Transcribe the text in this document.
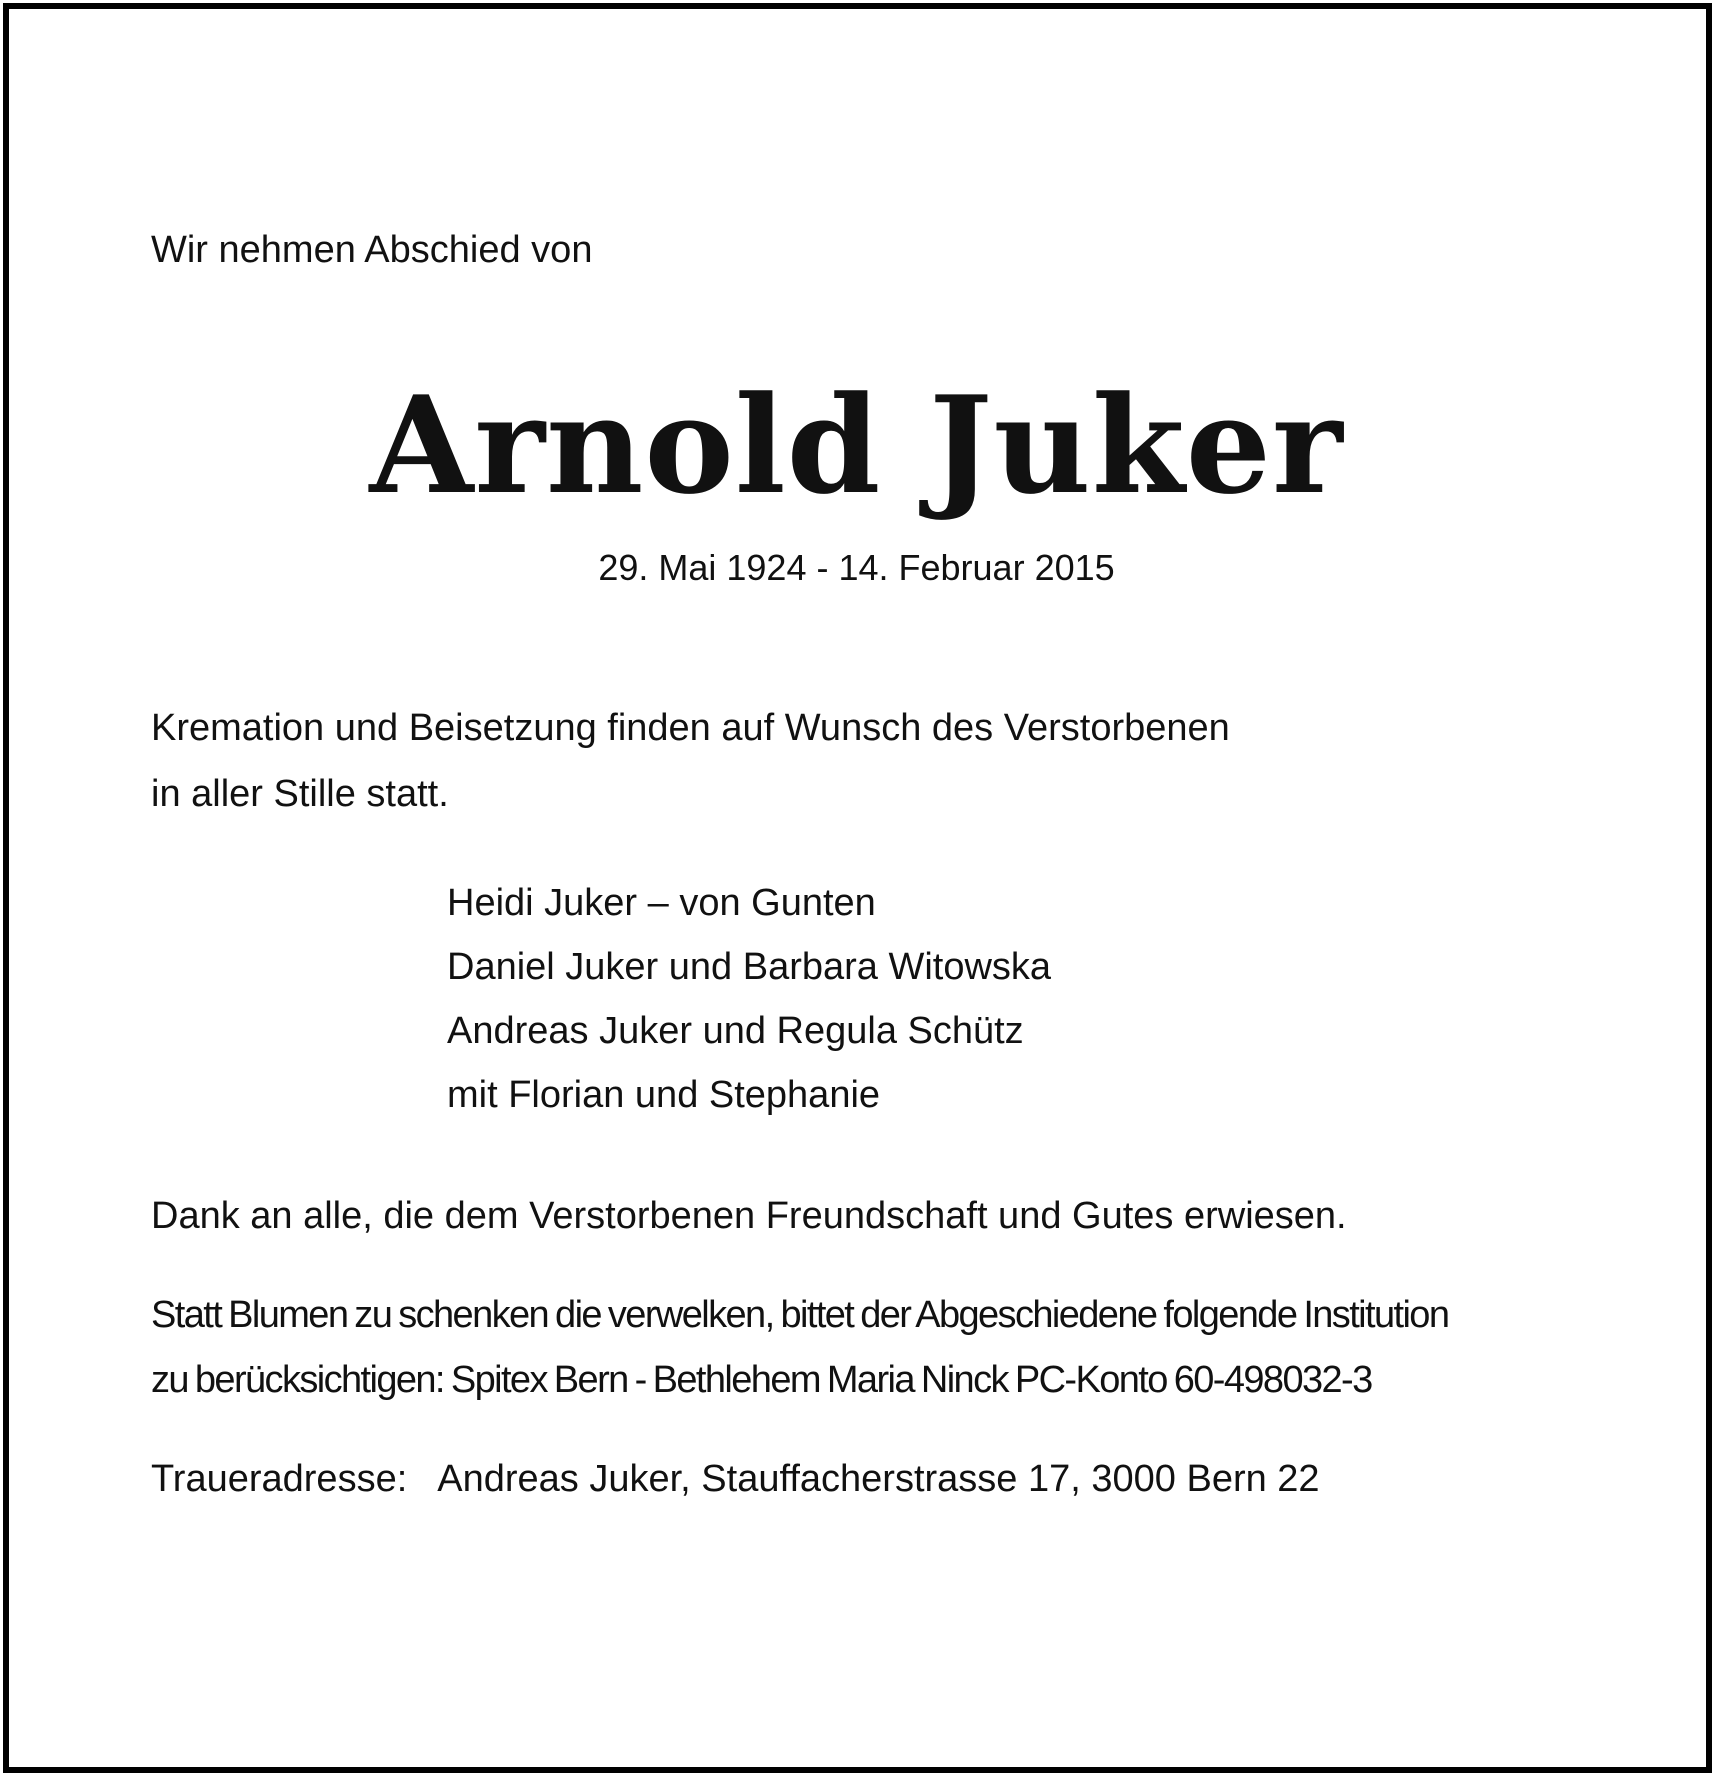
Wir nehmen Abschied von
Arnold Juker
29. Mai 1924 - 14. Februar 2015
Kremation und Beisetzung finden auf Wunsch des Verstorbenen
in aller Stille statt.
Heidi Juker – von Gunten
Daniel Juker und Barbara Witowska
Andreas Juker und Regula Schütz
mit Florian und Stephanie
Dank an alle, die dem Verstorbenen Freundschaft und Gutes erwiesen.
Statt Blumen zu schenken die verwelken, bittet der Abgeschiedene folgende Institution
zu berücksichtigen: Spitex Bern - Bethlehem Maria Ninck PC-Konto 60-498032-3
Traueradresse: Andreas Juker, Stauffacherstrasse 17, 3000 Bern 22
